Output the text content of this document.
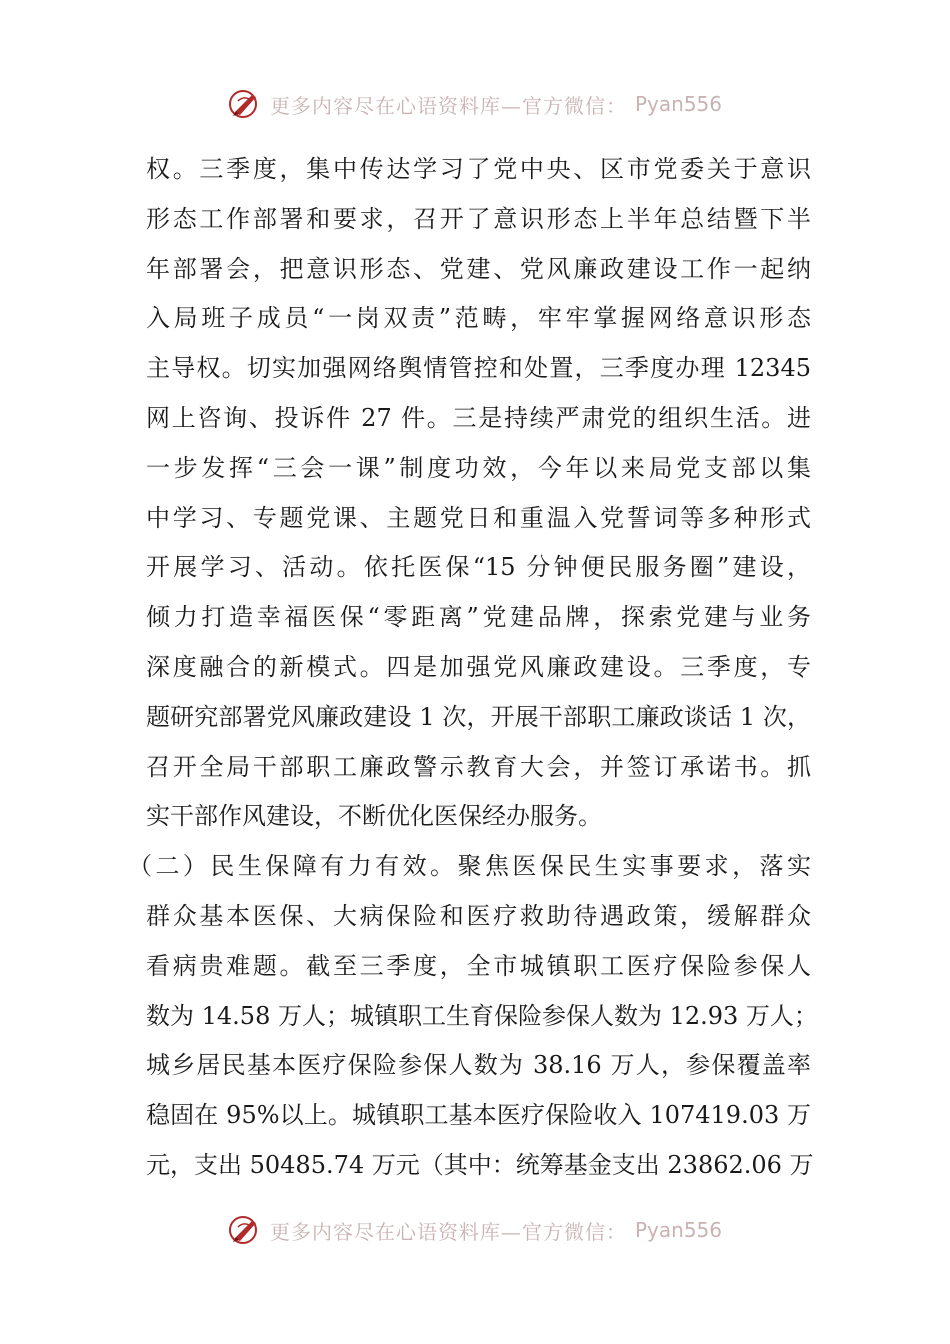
更多内容尽在心语资料库—官方微信： Pyan556
权。三季度，集中传达学习了党中央、区市党委关于意识
形态工作部署和要求，召开了意识形态上半年总结暨下半
年部署会，把意识形态、党建、党风廉政建设工作一起纳
入局班子成员“一岗双责”范畴，牢牢掌握网络意识形态
主导权。切实加强网络舆情管控和处置，三季度办理 12345
网上咨询、投诉件 27 件。三是持续严肃党的组织生活。进
一步发挥“三会一课”制度功效，今年以来局党支部以集
中学习、专题党课、主题党日和重温入党誓词等多种形式
开展学习、活动。依托医保“15 分钟便民服务圈”建设，
倾力打造幸福医保“零距离”党建品牌，探索党建与业务
深度融合的新模式。四是加强党风廉政建设。三季度，专
题研究部署党风廉政建设 1 次，开展干部职工廉政谈话 1 次，
召开全局干部职工廉政警示教育大会，并签订承诺书。抓
实干部作风建设，不断优化医保经办服务。
（二）民生保障有力有效。聚焦医保民生实事要求，落实
群众基本医保、大病保险和医疗救助待遇政策，缓解群众
看病贵难题。截至三季度，全市城镇职工医疗保险参保人
数为 14.58 万人；城镇职工生育保险参保人数为 12.93 万人；
城乡居民基本医疗保险参保人数为 38.16 万人，参保覆盖率
稳固在 95%以上。城镇职工基本医疗保险收入 107419.03 万
元，支出 50485.74 万元（其中：统筹基金支出 23862.06 万
更多内容尽在心语资料库—官方微信： Pyan556
